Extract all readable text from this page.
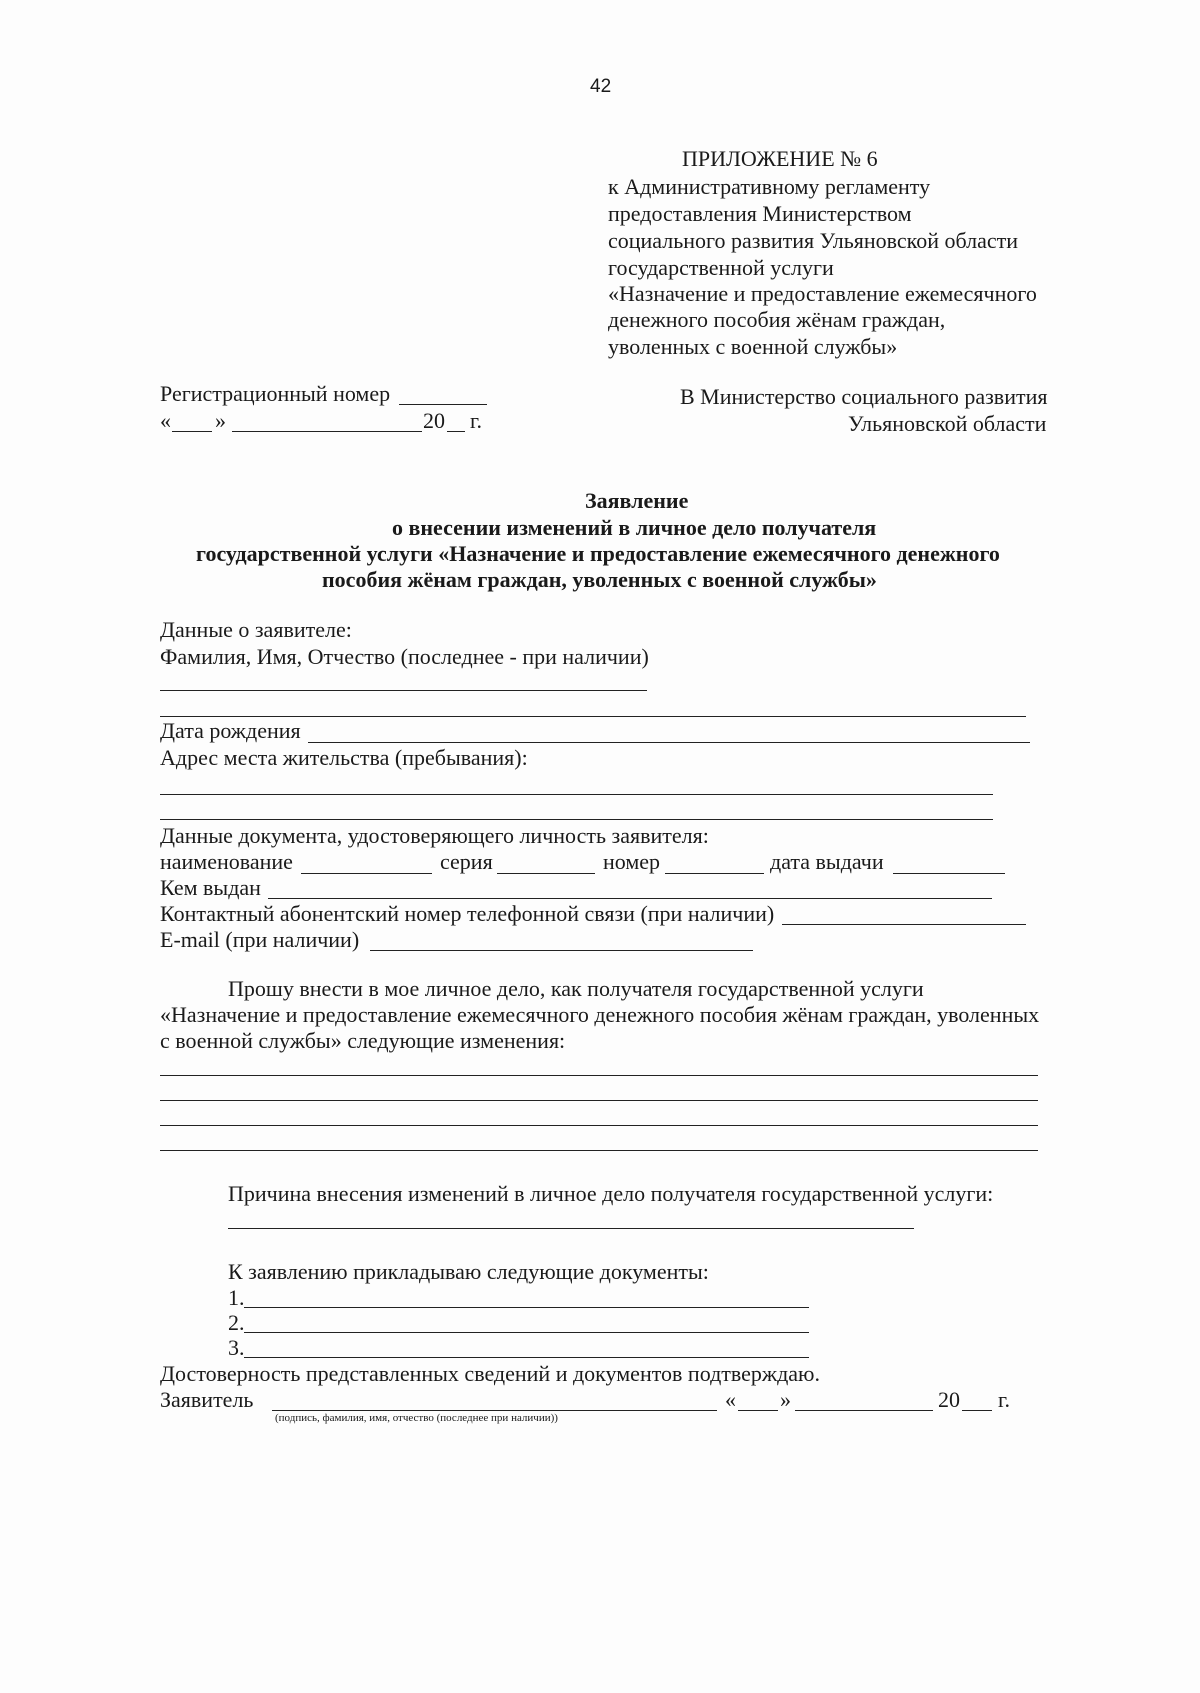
42
ПРИЛОЖЕНИЕ № 6
к Административному регламенту
предоставления Министерством
социального развития Ульяновской области
государственной услуги
«Назначение и предоставление ежемесячного
денежного пособия жёнам граждан,
уволенных с военной службы»
Регистрационный номер
« »	20 г.
В Министерство социального развития
Ульяновской области
Заявление
о внесении изменений в личное дело получателя
государственной услуги «Назначение и предоставление ежемесячного денежного
пособия жёнам граждан, уволенных с военной службы»
Данные о заявителе:
Фамилия, Имя, Отчество (последнее - при наличии)
Дата рождения
Адрес места жительства (пребывания):
Данные документа, удостоверяющего личность заявителя:
наименование	серия	номер	дата выдачи
Кем выдан
Контактный абонентский номер телефонной связи (при наличии)
E-mail (при наличии)
Прошу внести в мое личное дело, как получателя государственной услуги
«Назначение и предоставление ежемесячного денежного пособия жёнам граждан, уволенных
с военной службы» следующие изменения:
Причина внесения изменений в личное дело получателя государственной услуги:
К заявлению прикладываю следующие документы:
1.
2.
3.
Достоверность представленных сведений и документов подтверждаю.
Заявитель
(подпись, фамилия, имя, отчество (последнее при наличии))
« »	20 г.
